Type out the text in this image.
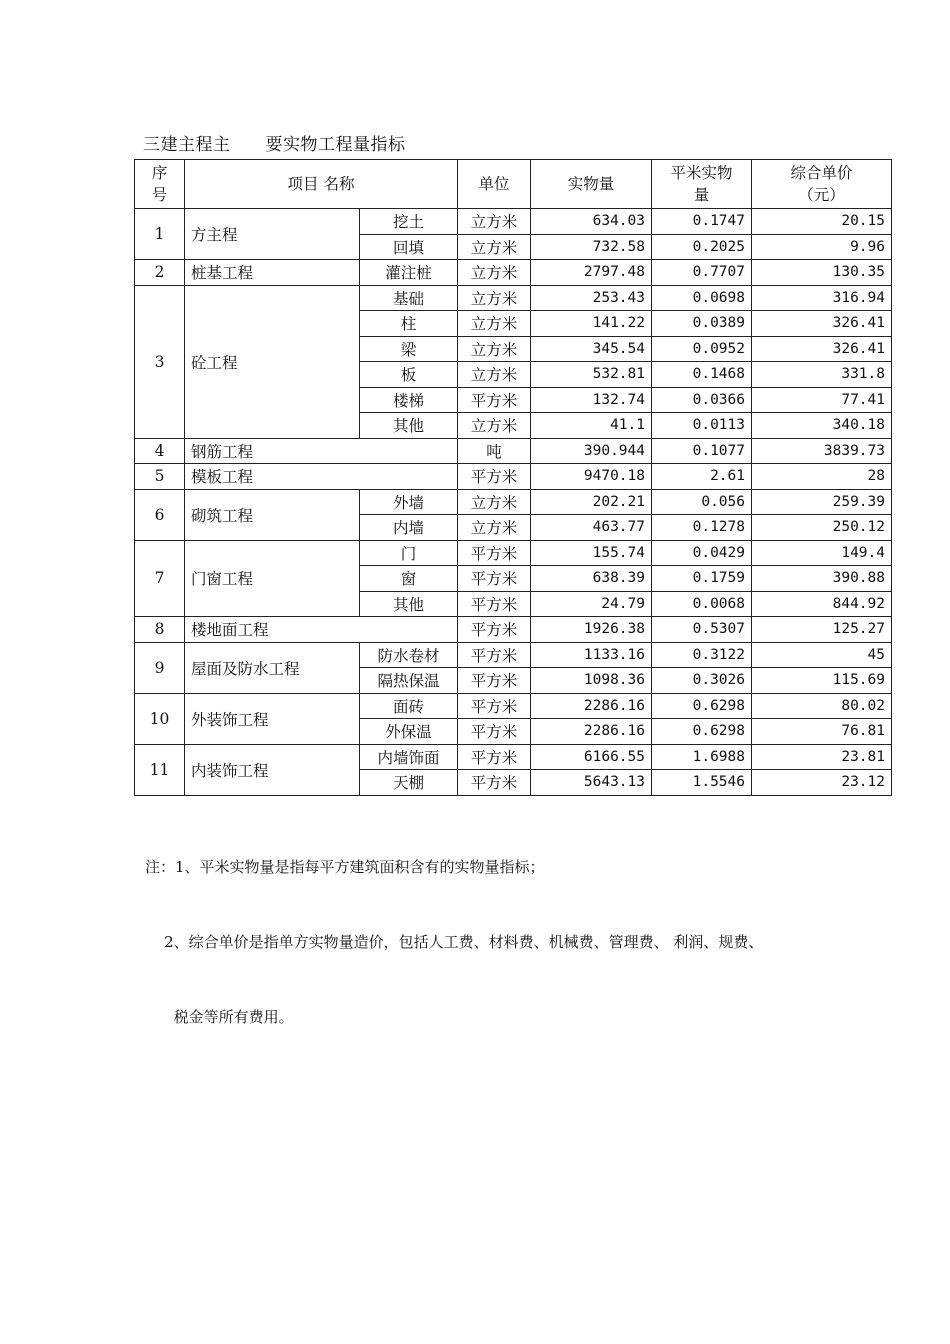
三建主程主　　要实物工程量指标
序
号	项目 名称		单位	实物量	平米实物
量	综合单价
（元）
1	方主程	挖土	立方米	634.03	0.1747	20.15
		回填	立方米	732.58	0.2025	9.96
2	桩基工程	灌注桩	立方米	2797.48	0.7707	130.35
3	砼工程	基础	立方米	253.43	0.0698	316.94
		柱	立方米	141.22	0.0389	326.41
		梁	立方米	345.54	0.0952	326.41
		板	立方米	532.81	0.1468	331.8
		楼梯	平方米	132.74	0.0366	77.41
		其他	立方米	41.1	0.0113	340.18
4	钢筋工程		吨	390.944	0.1077	3839.73
5	模板工程		平方米	9470.18	2.61	28
6	砌筑工程	外墙	立方米	202.21	0.056	259.39
		内墙	立方米	463.77	0.1278	250.12
7	门窗工程	门	平方米	155.74	0.0429	149.4
		窗	平方米	638.39	0.1759	390.88
		其他	平方米	24.79	0.0068	844.92
8	楼地面工程		平方米	1926.38	0.5307	125.27
9	屋面及防水工程	防水卷材	平方米	1133.16	0.3122	45
		隔热保温	平方米	1098.36	0.3026	115.69
10	外装饰工程	面砖	平方米	2286.16	0.6298	80.02
		外保温	平方米	2286.16	0.6298	76.81
11	内装饰工程	内墙饰面	平方米	6166.55	1.6988	23.81
		天棚	平方米	5643.13	1.5546	23.12

注：1、平米实物量是指每平方建筑面积含有的实物量指标；

2、综合单价是指单方实物量造价，包括人工费、材料费、机械费、管理费、 利润、规费、

税金等所有费用。
